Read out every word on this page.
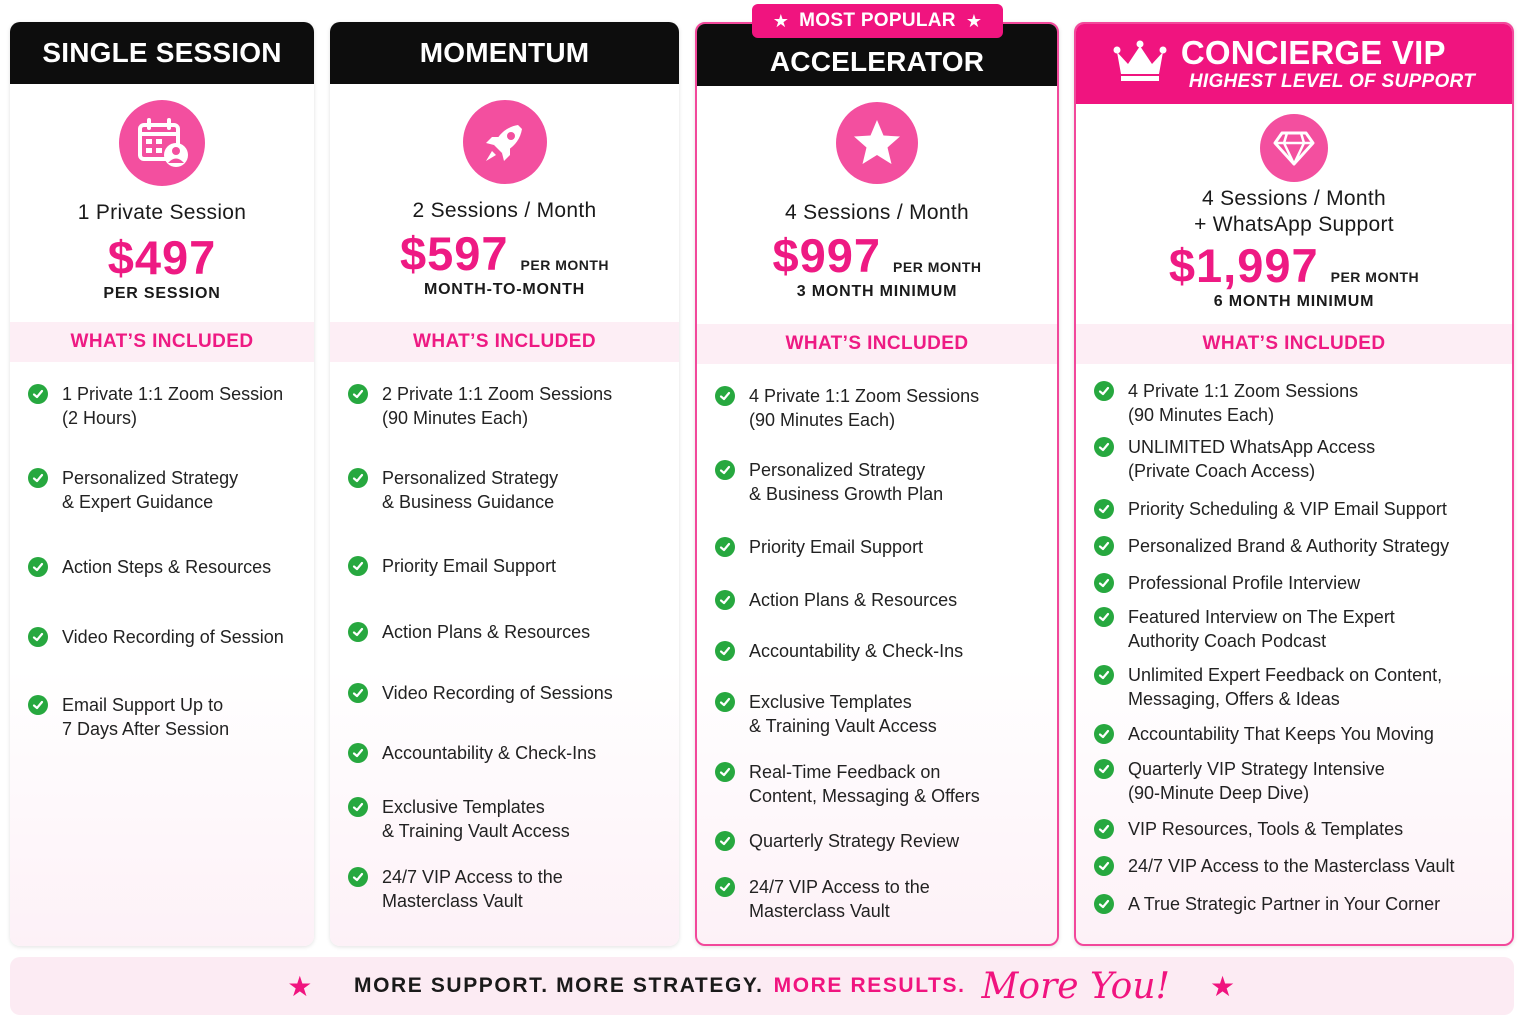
★ MOST POPULAR ★
SINGLE SESSION
1 Private Session
$497
PER SESSION
WHAT’S INCLUDED
1 Private 1:1 Zoom Session
(2 Hours)
Personalized Strategy
& Expert Guidance
Action Steps & Resources
Video Recording of Session
Email Support Up to
7 Days After Session
MOMENTUM
2 Sessions / Month
$597 PER MONTH
MONTH-TO-MONTH
WHAT’S INCLUDED
2 Private 1:1 Zoom Sessions
(90 Minutes Each)
Personalized Strategy
& Business Guidance
Priority Email Support
Action Plans & Resources
Video Recording of Sessions
Accountability & Check-Ins
Exclusive Templates
& Training Vault Access
24/7 VIP Access to the
Masterclass Vault
ACCELERATOR
4 Sessions / Month
$997 PER MONTH
3 MONTH MINIMUM
WHAT’S INCLUDED
4 Private 1:1 Zoom Sessions
(90 Minutes Each)
Personalized Strategy
& Business Growth Plan
Priority Email Support
Action Plans & Resources
Accountability & Check-Ins
Exclusive Templates
& Training Vault Access
Real-Time Feedback on
Content, Messaging & Offers
Quarterly Strategy Review
24/7 VIP Access to the
Masterclass Vault
CONCIERGE VIP
HIGHEST LEVEL OF SUPPORT
4 Sessions / Month
+ WhatsApp Support
$1,997 PER MONTH
6 MONTH MINIMUM
WHAT’S INCLUDED
4 Private 1:1 Zoom Sessions
(90 Minutes Each)
UNLIMITED WhatsApp Access
(Private Coach Access)
Priority Scheduling & VIP Email Support
Personalized Brand & Authority Strategy
Professional Profile Interview
Featured Interview on The Expert
Authority Coach Podcast
Unlimited Expert Feedback on Content,
Messaging, Offers & Ideas
Accountability That Keeps You Moving
Quarterly VIP Strategy Intensive
(90-Minute Deep Dive)
VIP Resources, Tools & Templates
24/7 VIP Access to the Masterclass Vault
A True Strategic Partner in Your Corner
★ MORE SUPPORT. MORE STRATEGY. MORE RESULTS. More You! ★
